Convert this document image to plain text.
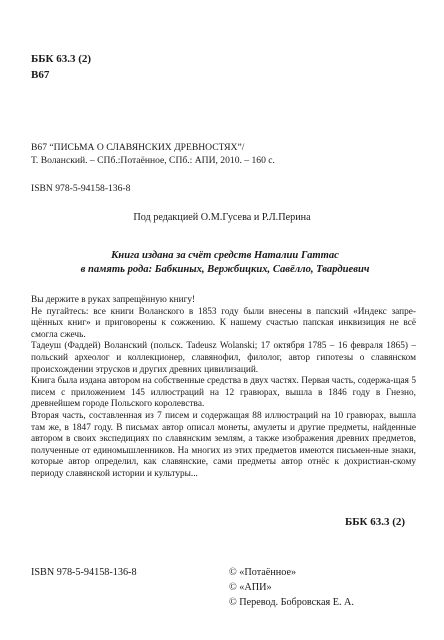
ББК 63.3 (2)
В67
В67 “ПИСЬМА О СЛАВЯНСКИХ ДРЕВНОСТЯХ”/
Т. Воланский. – СПб.:Потаённое, СПб.: АПИ, 2010. – 160 с.
ISBN 978-5-94158-136-8
Под редакцией О.М.Гусева и Р.Л.Перина
Книга издана за счёт средств Наталии Гаттас
в память рода: Бабкиных, Вержбицких, Савёлло, Твардиевич

Вы держите в руках запрещённую книгу!

Не пугайтесь: все книги Воланского в 1853 году были внесены в папский «Индекс запре-щённых книг» и приговорены к сожжению. К нашему счастью папская инквизиция не всё смогла сжечь.

Тадеуш (Фаддей) Воланский (польск. Tadeusz Wolanski; 17 октября 1785 – 16 февраля 1865) – польский археолог и коллекционер, славянофил, филолог, автор гипотезы о славянском происхождении этрусков и других древних цивилизаций.

Книга была издана автором на собственные средства в двух частях. Первая часть, содержа-щая 5 писем с приложением 145 иллюстраций на 12 гравюрах, вышла в 1846 году в Гнезно, древнейшем городе Польского королевства.

Вторая часть, составленная из 7 писем и содержащая 88 иллюстраций на 10 гравюрах, вышла там же, в 1847 году. В письмах автор описал монеты, амулеты и другие предметы, найденные автором в своих экспедициях по славянским землям, а также изображения древних предметов, полученные от единомышленников. На многих из этих предметов имеются письмен-ные знаки, которые автор определил, как славянские, сами предметы автор отнёс к дохристиан-скому периоду славянской истории и культуры...

ББК 63.3 (2)
ISBN 978-5-94158-136-8	© «Потаённое»
© «АПИ»
© Перевод. Бобровская Е. А.
